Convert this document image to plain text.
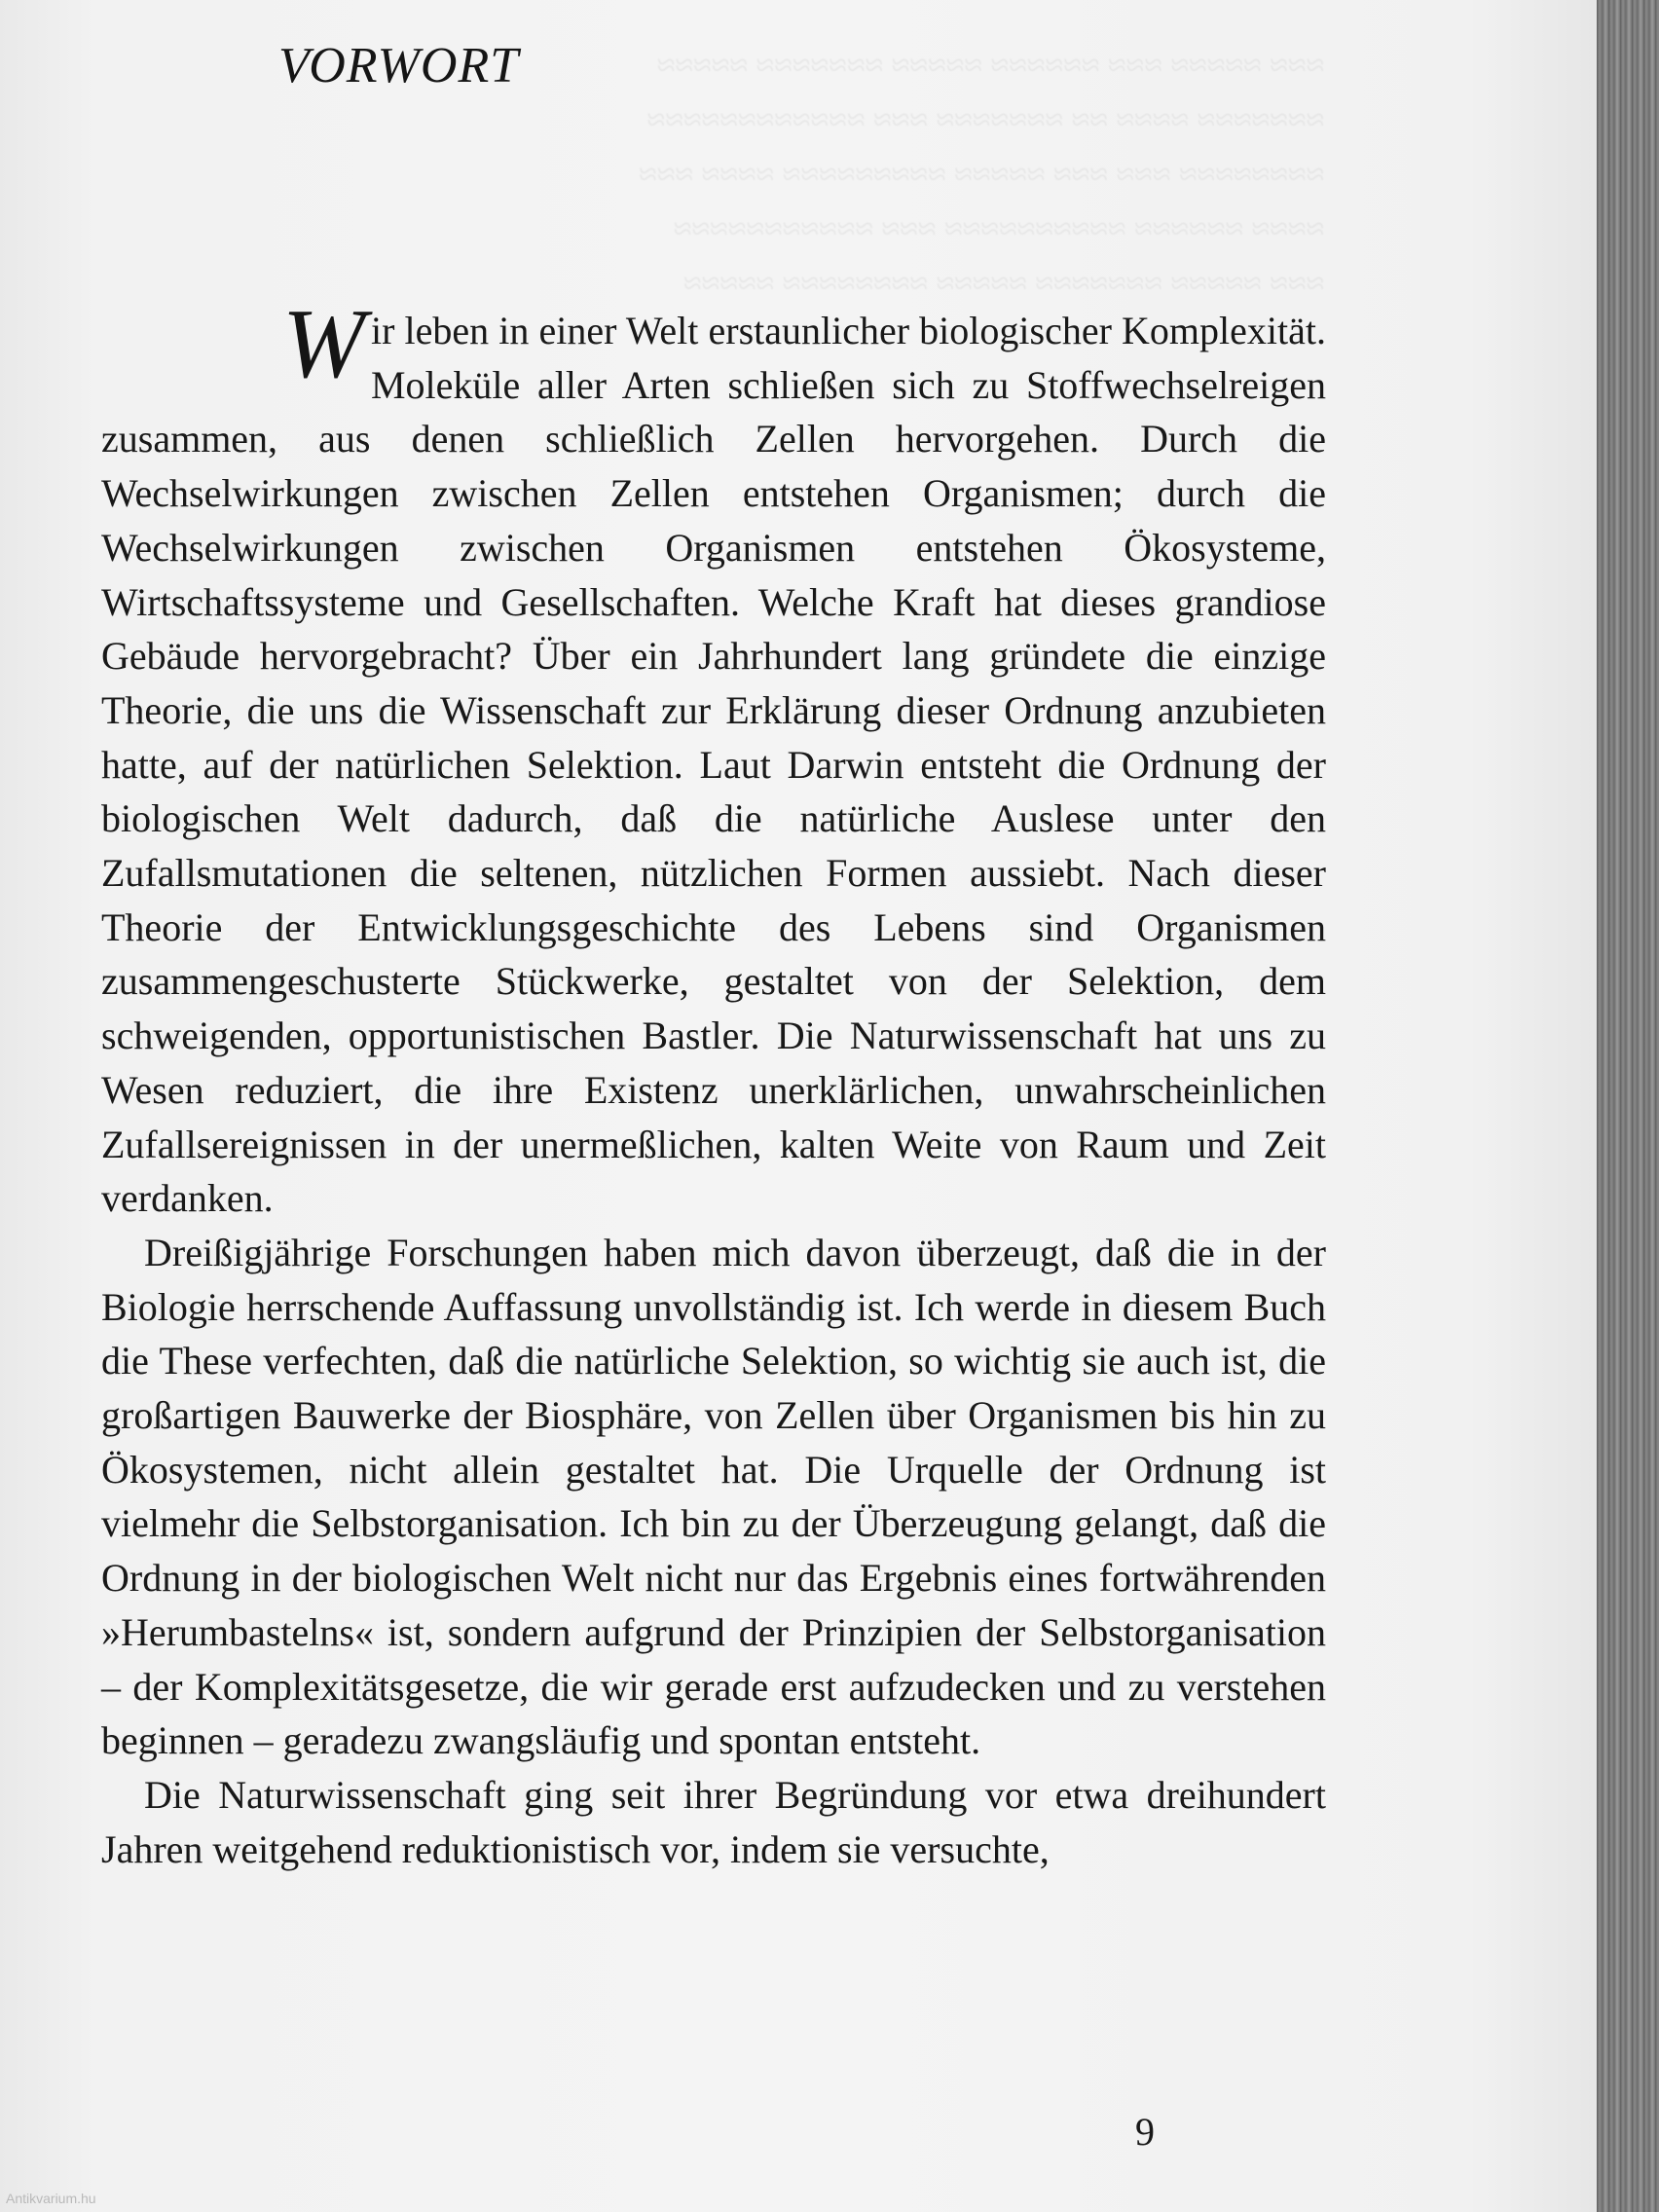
≈≈≈ ≈≈≈≈≈ ≈≈≈ ≈≈≈≈≈≈ ≈≈≈≈≈ ≈≈≈≈≈≈≈ ≈≈≈≈≈
≈≈≈≈≈≈≈ ≈≈≈≈ ≈≈ ≈≈≈≈≈≈≈ ≈≈≈ ≈≈≈≈≈≈≈≈≈≈≈≈
≈≈≈≈≈≈≈≈ ≈≈≈ ≈≈≈ ≈≈≈≈≈ ≈≈≈≈≈≈≈≈≈ ≈≈≈≈ ≈≈≈
≈≈≈≈ ≈≈≈≈≈≈ ≈≈≈≈≈≈≈≈≈≈ ≈≈≈ ≈≈≈≈≈≈≈≈≈≈≈
≈≈≈ ≈≈≈≈≈ ≈≈≈≈≈≈≈ ≈≈≈≈≈ ≈≈≈≈≈≈≈≈ ≈≈≈≈≈
VORWORT

Wir leben in einer Welt erstaunlicher biologischer Komplexität. Moleküle aller Arten schließen sich zu Stoffwechselreigen zusammen, aus denen schließlich Zellen hervorgehen. Durch die Wechselwirkungen zwischen Zellen entstehen Organismen; durch die Wechselwirkungen zwischen Organismen entstehen Ökosysteme, Wirtschaftssysteme und Gesellschaften. Welche Kraft hat dieses grandiose Gebäude hervorgebracht? Über ein Jahrhundert lang gründete die einzige Theorie, die uns die Wissenschaft zur Erklärung dieser Ordnung anzubieten hatte, auf der natürlichen Selektion. Laut Darwin entsteht die Ordnung der biologischen Welt dadurch, daß die natürliche Auslese unter den Zufallsmutationen die seltenen, nützlichen Formen aussiebt. Nach dieser Theorie der Entwicklungsgeschichte des Lebens sind Organismen zusammengeschusterte Stückwerke, gestaltet von der Selektion, dem schweigenden, opportunistischen Bastler. Die Naturwissenschaft hat uns zu Wesen reduziert, die ihre Existenz unerklärlichen, unwahrscheinlichen Zufallsereignissen in der unermeßlichen, kalten Weite von Raum und Zeit verdanken.

Dreißigjährige Forschungen haben mich davon überzeugt, daß die in der Biologie herrschende Auffassung unvollständig ist. Ich werde in diesem Buch die These verfechten, daß die natürliche Selektion, so wichtig sie auch ist, die großartigen Bauwerke der Biosphäre, von Zellen über Organismen bis hin zu Ökosystemen, nicht allein gestaltet hat. Die Urquelle der Ordnung ist vielmehr die Selbstorganisation. Ich bin zu der Überzeugung gelangt, daß die Ordnung in der biologischen Welt nicht nur das Ergebnis eines fortwährenden »Herumbastelns« ist, sondern aufgrund der Prinzipien der Selbstorganisation – der Komplexitätsgesetze, die wir gerade erst aufzudecken und zu verstehen beginnen – geradezu zwangsläufig und spontan entsteht.

Die Naturwissenschaft ging seit ihrer Begründung vor etwa dreihundert Jahren weitgehend reduktionistisch vor, indem sie versuchte,

9
Antikvarium.hu
